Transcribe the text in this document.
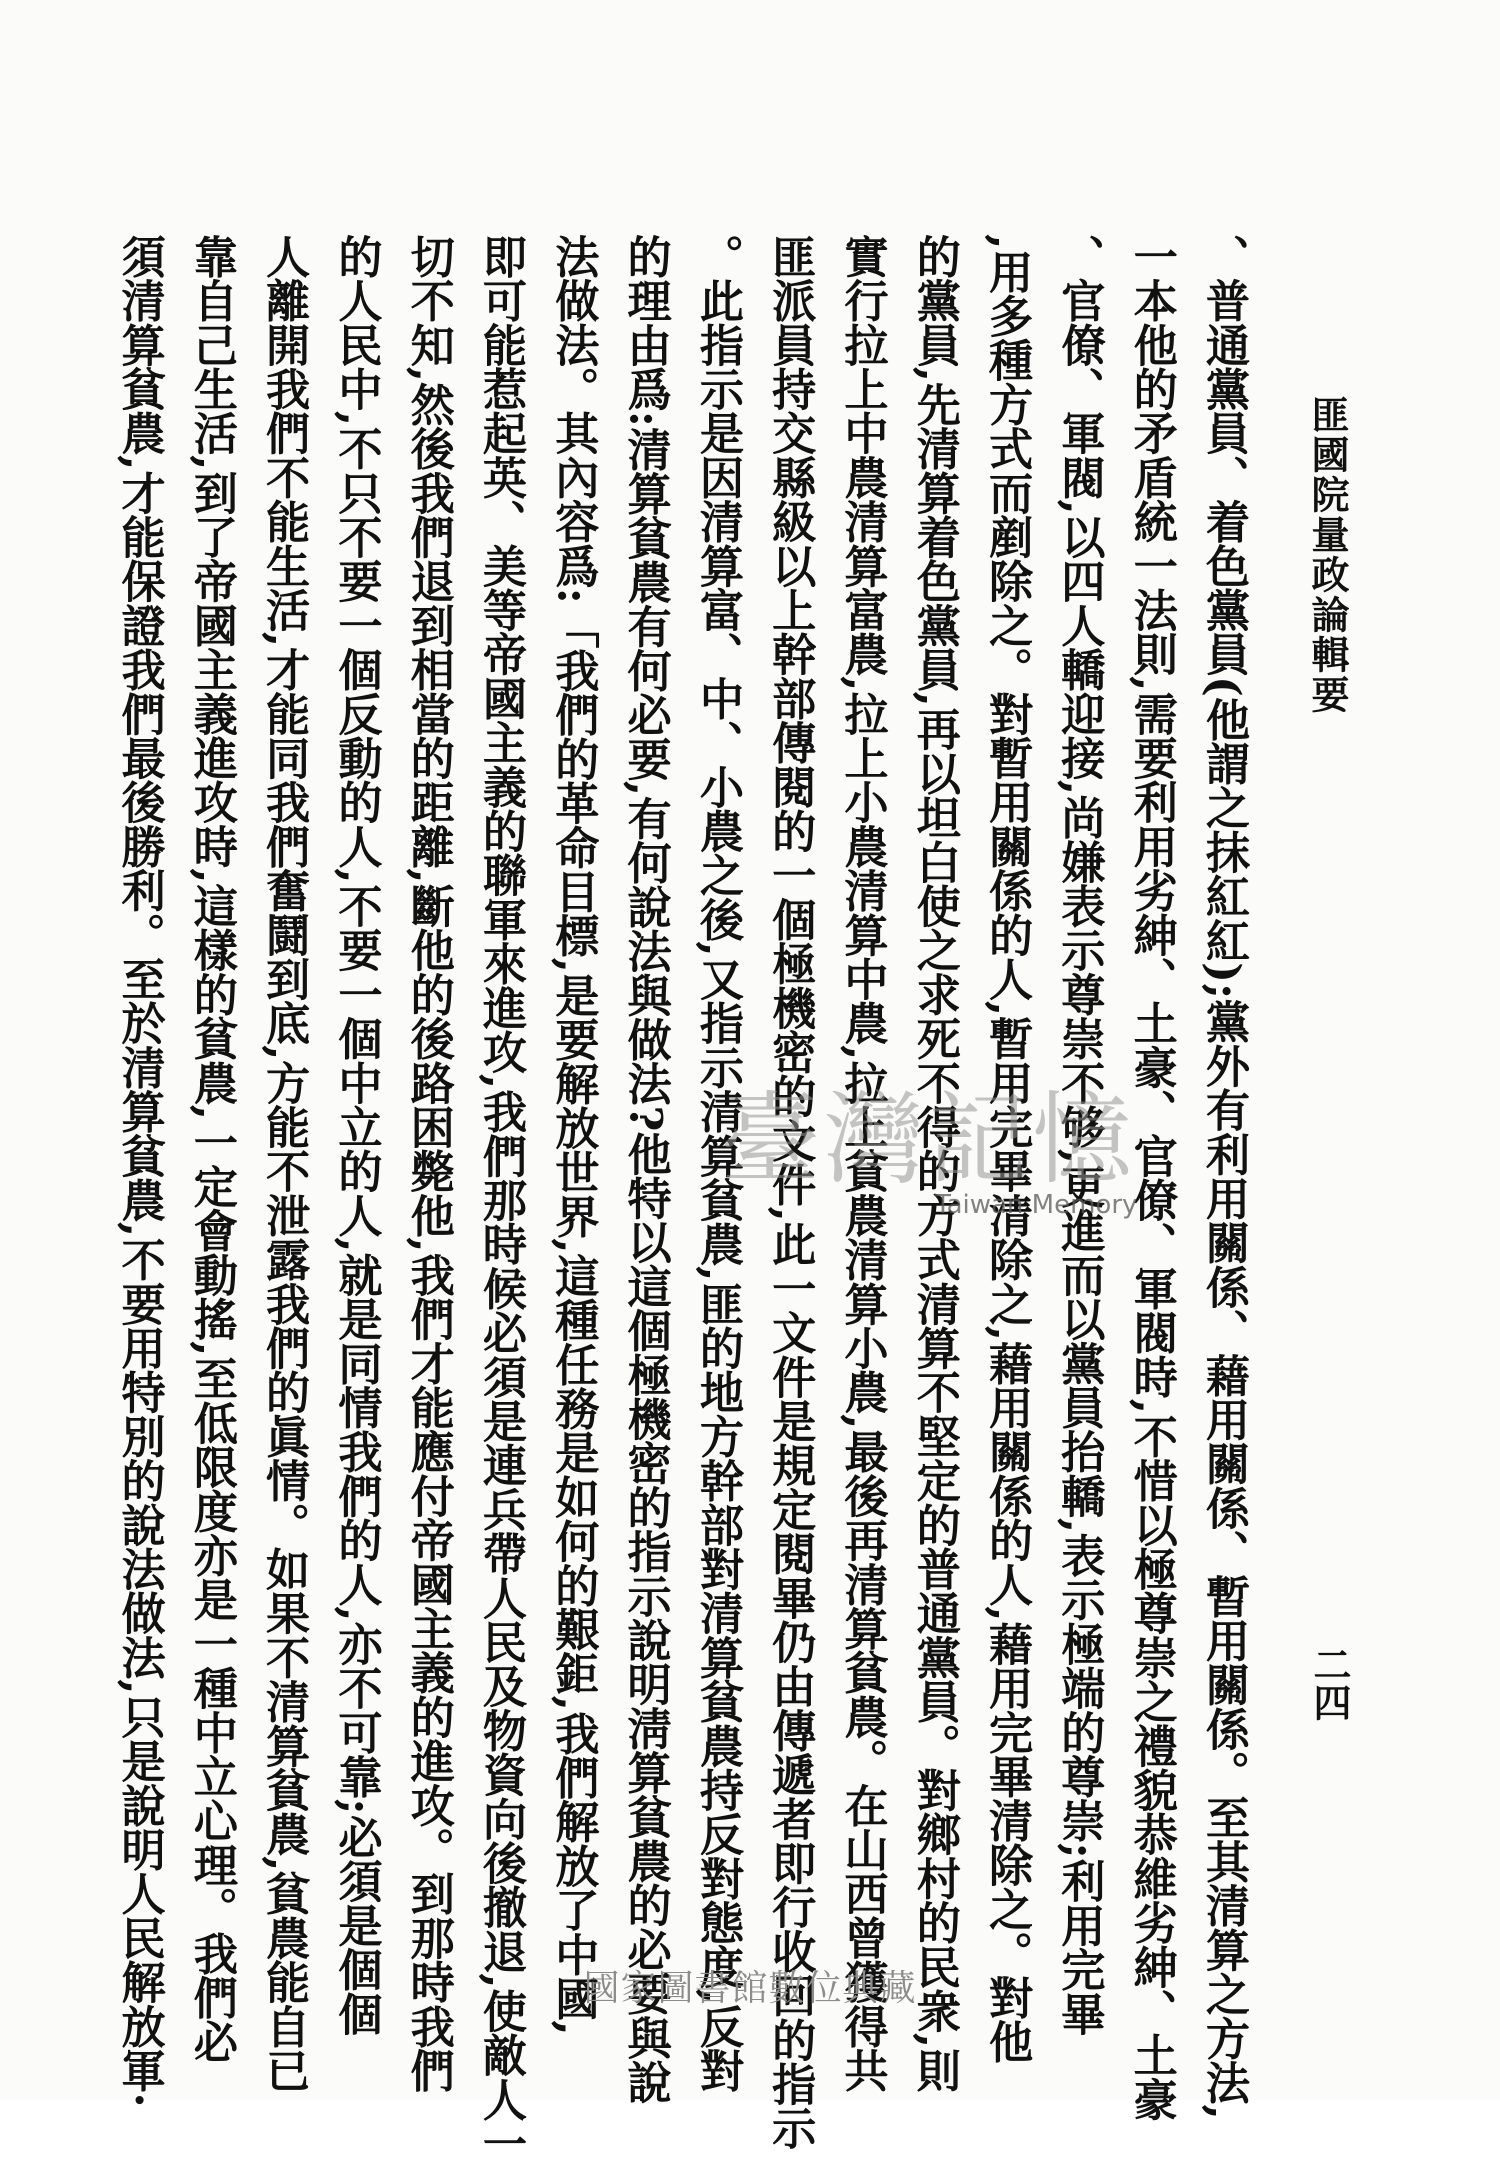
匪國院量政論輯要
二四
、普通黨員、着色黨員(他謂之抹紅紅);黨外有利用關係、藉用關係、暫用關係。至其清算之方法,
一本他的矛盾統一法則,需要利用劣紳、土豪、官僚、軍閥時,不惜以極尊崇之禮貌恭維劣紳、土豪
、官僚、軍閥,以四人轎迎接,尚嫌表示尊崇不够,更進而以黨員抬轎,表示極端的尊崇;利用完畢
,用多種方式而剷除之。對暫用關係的人,暫用完畢清除之,藉用關係的人,藉用完畢清除之。對他
的黨員,先清算着色黨員,再以坦白使之求死不得的方式清算不堅定的普通黨員。對鄉村的民衆,則
實行拉上中農清算富農,拉上小農清算中農,拉上貧農清算小農,最後再清算貧農。在山西曾獲得共
匪派員持交縣級以上幹部傳閱的一個極機密的文件,此一文件是規定閱畢仍由傳遞者即行收回的指示
。此指示是因清算富、中、小農之後,又指示清算貧農,匪的地方幹部對清算貧農持反對態度,反對
的理由爲:清算貧農有何必要,有何說法與做法?他特以這個極機密的指示說明淸算貧農的必要與說
法做法。其內容爲:「我們的革命目標,是要解放世界,這種任務是如何的艱鉅,我們解放了中國,
即可能惹起英、美等帝國主義的聯軍來進攻,我們那時候必須是連兵帶人民及物資向後撤退,使敵人一
切不知,然後我們退到相當的距離,斷他的後路困斃他,我們才能應付帝國主義的進攻。到那時我們
的人民中,不只不要一個反動的人,不要一個中立的人,就是同情我們的人,亦不可靠;必須是個個
人離開我們不能生活,才能同我們奮鬪到底,方能不泄露我們的眞情。如果不清算貧農,貧農能自已
靠自己生活,到了帝國主義進攻時,這樣的貧農,一定會動搖,至低限度亦是一種中立心理。我們必
須清算貧農,才能保證我們最後勝利。至於清算貧農,不要用特別的說法做法,只是說明人民解放軍·	臺灣記憶
Taiwan Memory
國家圖書館數位典藏
